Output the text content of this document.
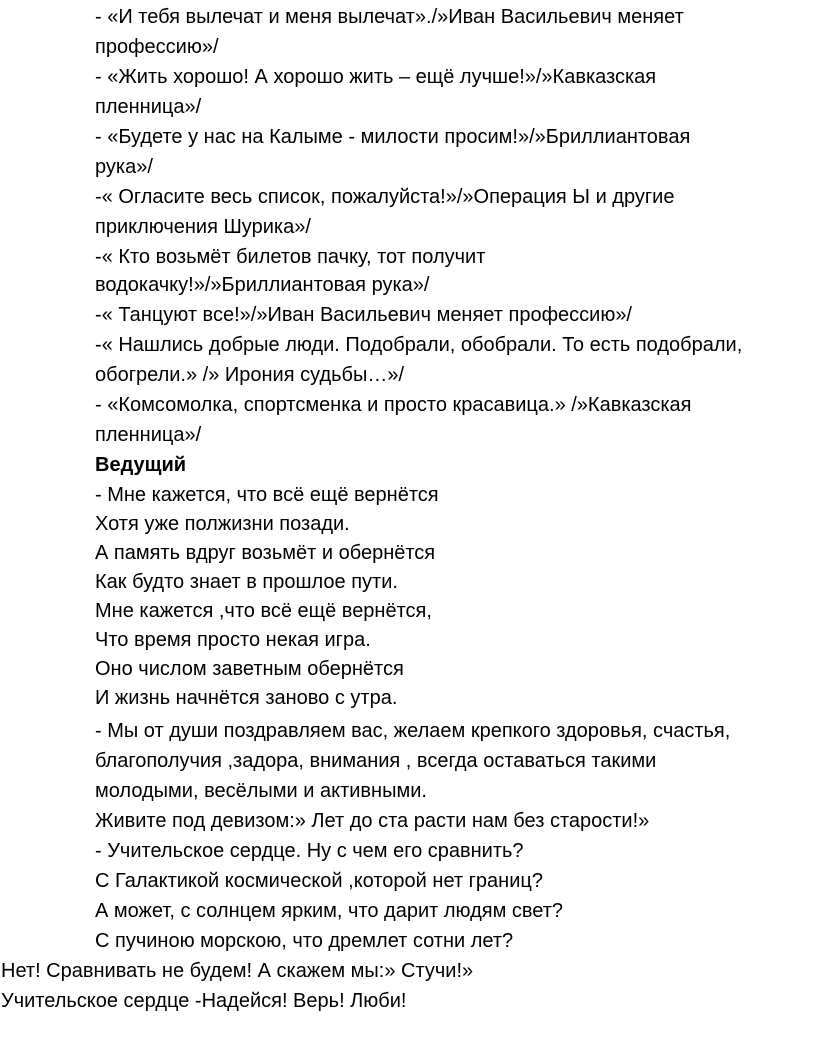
- «И тебя вылечат и меня вылечат»./»Иван Васильевич меняет
профессию»/
- «Жить хорошо! А хорошо жить – ещё лучше!»/»Кавказская
пленница»/
- «Будете у нас на Калыме - милости просим!»/»Бриллиантовая
рука»/
-« Огласите весь список, пожалуйста!»/»Операция Ы и другие
приключения Шурика»/
-« Кто возьмёт билетов пачку, тот получит
водокачку!»/»Бриллиантовая рука»/
-« Танцуют все!»/»Иван Васильевич меняет профессию»/
-« Нашлись добрые люди. Подобрали, обобрали. То есть подобрали,
обогрели.» /» Ирония судьбы…»/
- «Комсомолка, спортсменка и просто красавица.» /»Кавказская
пленница»/
Ведущий
- Мне кажется, что всё ещё вернётся
Хотя уже полжизни позади.
А память вдруг возьмёт и обернётся
Как будто знает в прошлое пути.
Мне кажется ,что всё ещё вернётся,
Что время просто некая игра.
Оно числом заветным обернётся
И жизнь начнётся заново с утра.
- Мы от души поздравляем вас, желаем крепкого здоровья, счастья,
благополучия ,задора, внимания , всегда оставаться такими
молодыми, весёлыми и активными.
Живите под девизом:» Лет до ста расти нам без старости!»
- Учительское сердце. Ну с чем его сравнить?
С Галактикой космической ,которой нет границ?
А может, с солнцем ярким, что дарит людям свет?
С пучиною морскою, что дремлет сотни лет?
Нет! Сравнивать не будем! А скажем мы:» Стучи!»
Учительское сердце -Надейся! Верь! Люби!
